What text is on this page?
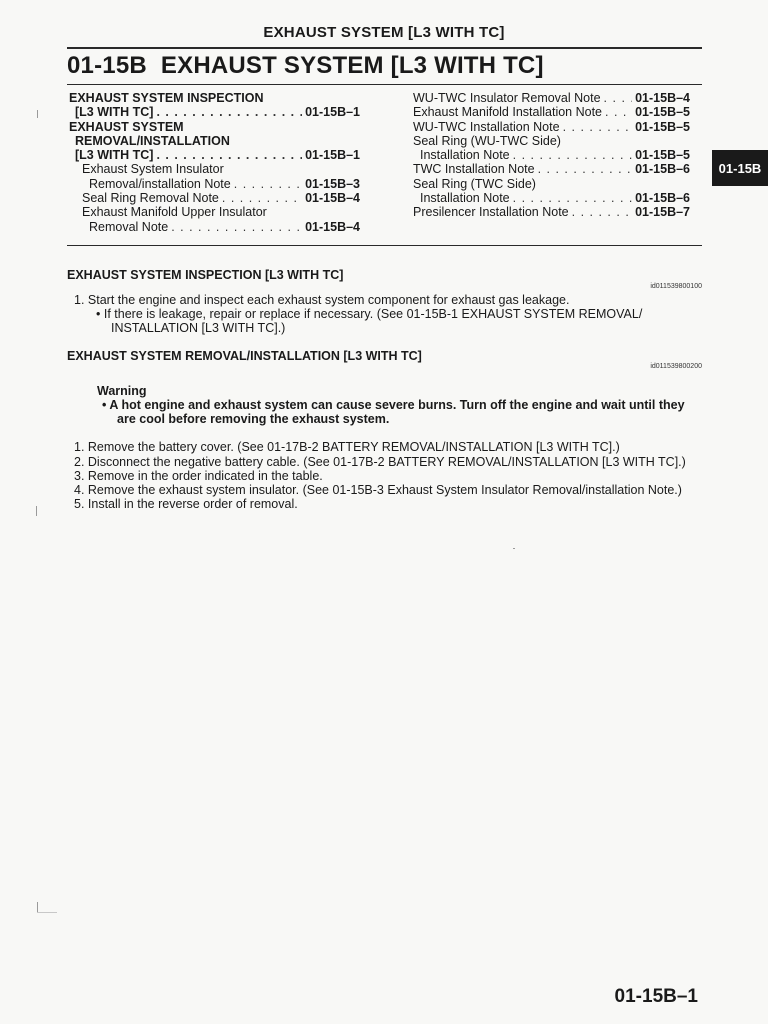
EXHAUST SYSTEM [L3 WITH TC]
01-15B EXHAUST SYSTEM [L3 WITH TC]
EXHAUST SYSTEM INSPECTION
[L3 WITH TC] . . .	01-15B–1
EXHAUST SYSTEM
REMOVAL/INSTALLATION
[L3 WITH TC] . . .	01-15B–1
Exhaust System Insulator
Removal/installation Note . . .	01-15B–3
Seal Ring Removal Note . . .	01-15B–4
Exhaust Manifold Upper Insulator
Removal Note . . .	01-15B–4
WU-TWC Insulator Removal Note . . .	01-15B–4
Exhaust Manifold Installation Note . . .	01-15B–5
WU-TWC Installation Note . . .	01-15B–5
Seal Ring (WU-TWC Side)
Installation Note . . .	01-15B–5
TWC Installation Note . . .	01-15B–6
Seal Ring (TWC Side)
Installation Note . . .	01-15B–6
Presilencer Installation Note . . .	01-15B–7
01-15B
EXHAUST SYSTEM INSPECTION [L3 WITH TC]
id011539800100
1. Start the engine and inspect each exhaust system component for exhaust gas leakage.
• If there is leakage, repair or replace if necessary. (See 01-15B-1 EXHAUST SYSTEM REMOVAL/
INSTALLATION [L3 WITH TC].)
EXHAUST SYSTEM REMOVAL/INSTALLATION [L3 WITH TC]
id011539800200
Warning
• A hot engine and exhaust system can cause severe burns. Turn off the engine and wait until they
are cool before removing the exhaust system.
1. Remove the battery cover. (See 01-17B-2 BATTERY REMOVAL/INSTALLATION [L3 WITH TC].)
2. Disconnect the negative battery cable. (See 01-17B-2 BATTERY REMOVAL/INSTALLATION [L3 WITH TC].)
3. Remove in the order indicated in the table.
4. Remove the exhaust system insulator. (See 01-15B-3 Exhaust System Insulator Removal/installation Note.)
5. Install in the reverse order of removal.
01-15B–1
